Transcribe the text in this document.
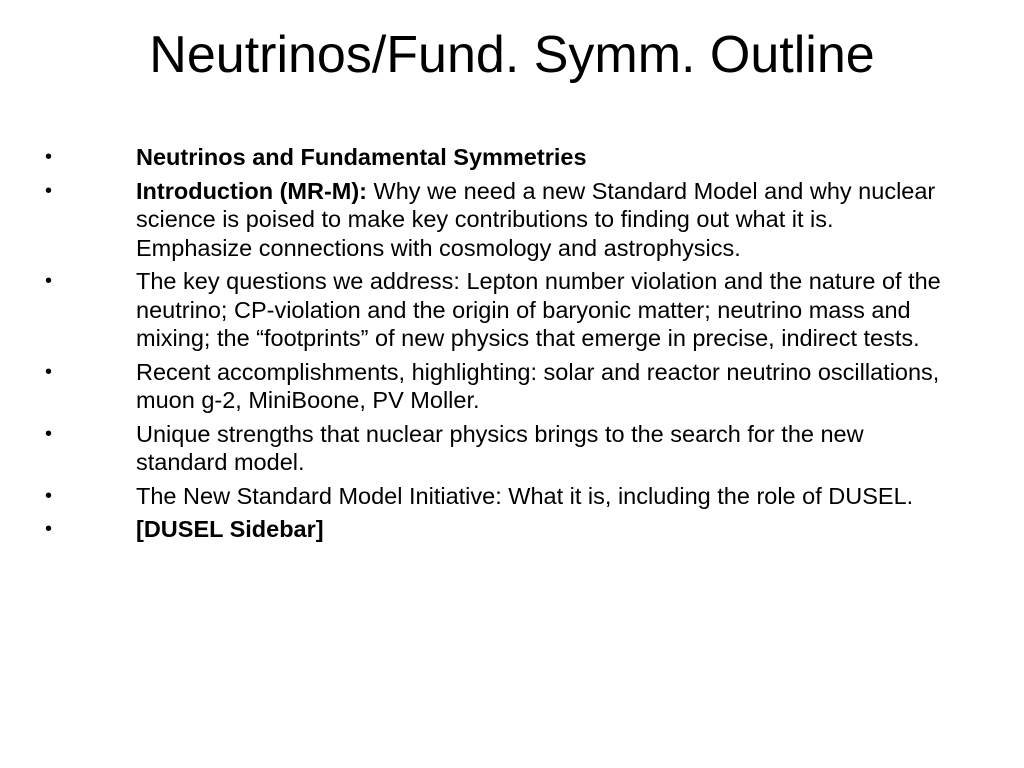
Neutrinos/Fund. Symm. Outline
•	Neutrinos and Fundamental Symmetries
•	Introduction (MR-M): Why we need a new Standard Model and why nuclear science is poised to make key contributions to finding out what it is. Emphasize connections with cosmology and astrophysics.
•	The key questions we address: Lepton number violation and the nature of the neutrino; CP-violation and the origin of baryonic matter; neutrino mass and mixing; the “footprints” of new physics that emerge in precise, indirect tests.
•	Recent accomplishments, highlighting: solar and reactor neutrino oscillations, muon g-2, MiniBoone, PV Moller.
•	Unique strengths that nuclear physics brings to the search for the new standard model.
•	The New Standard Model Initiative: What it is, including the role of DUSEL.
•	[DUSEL Sidebar]
